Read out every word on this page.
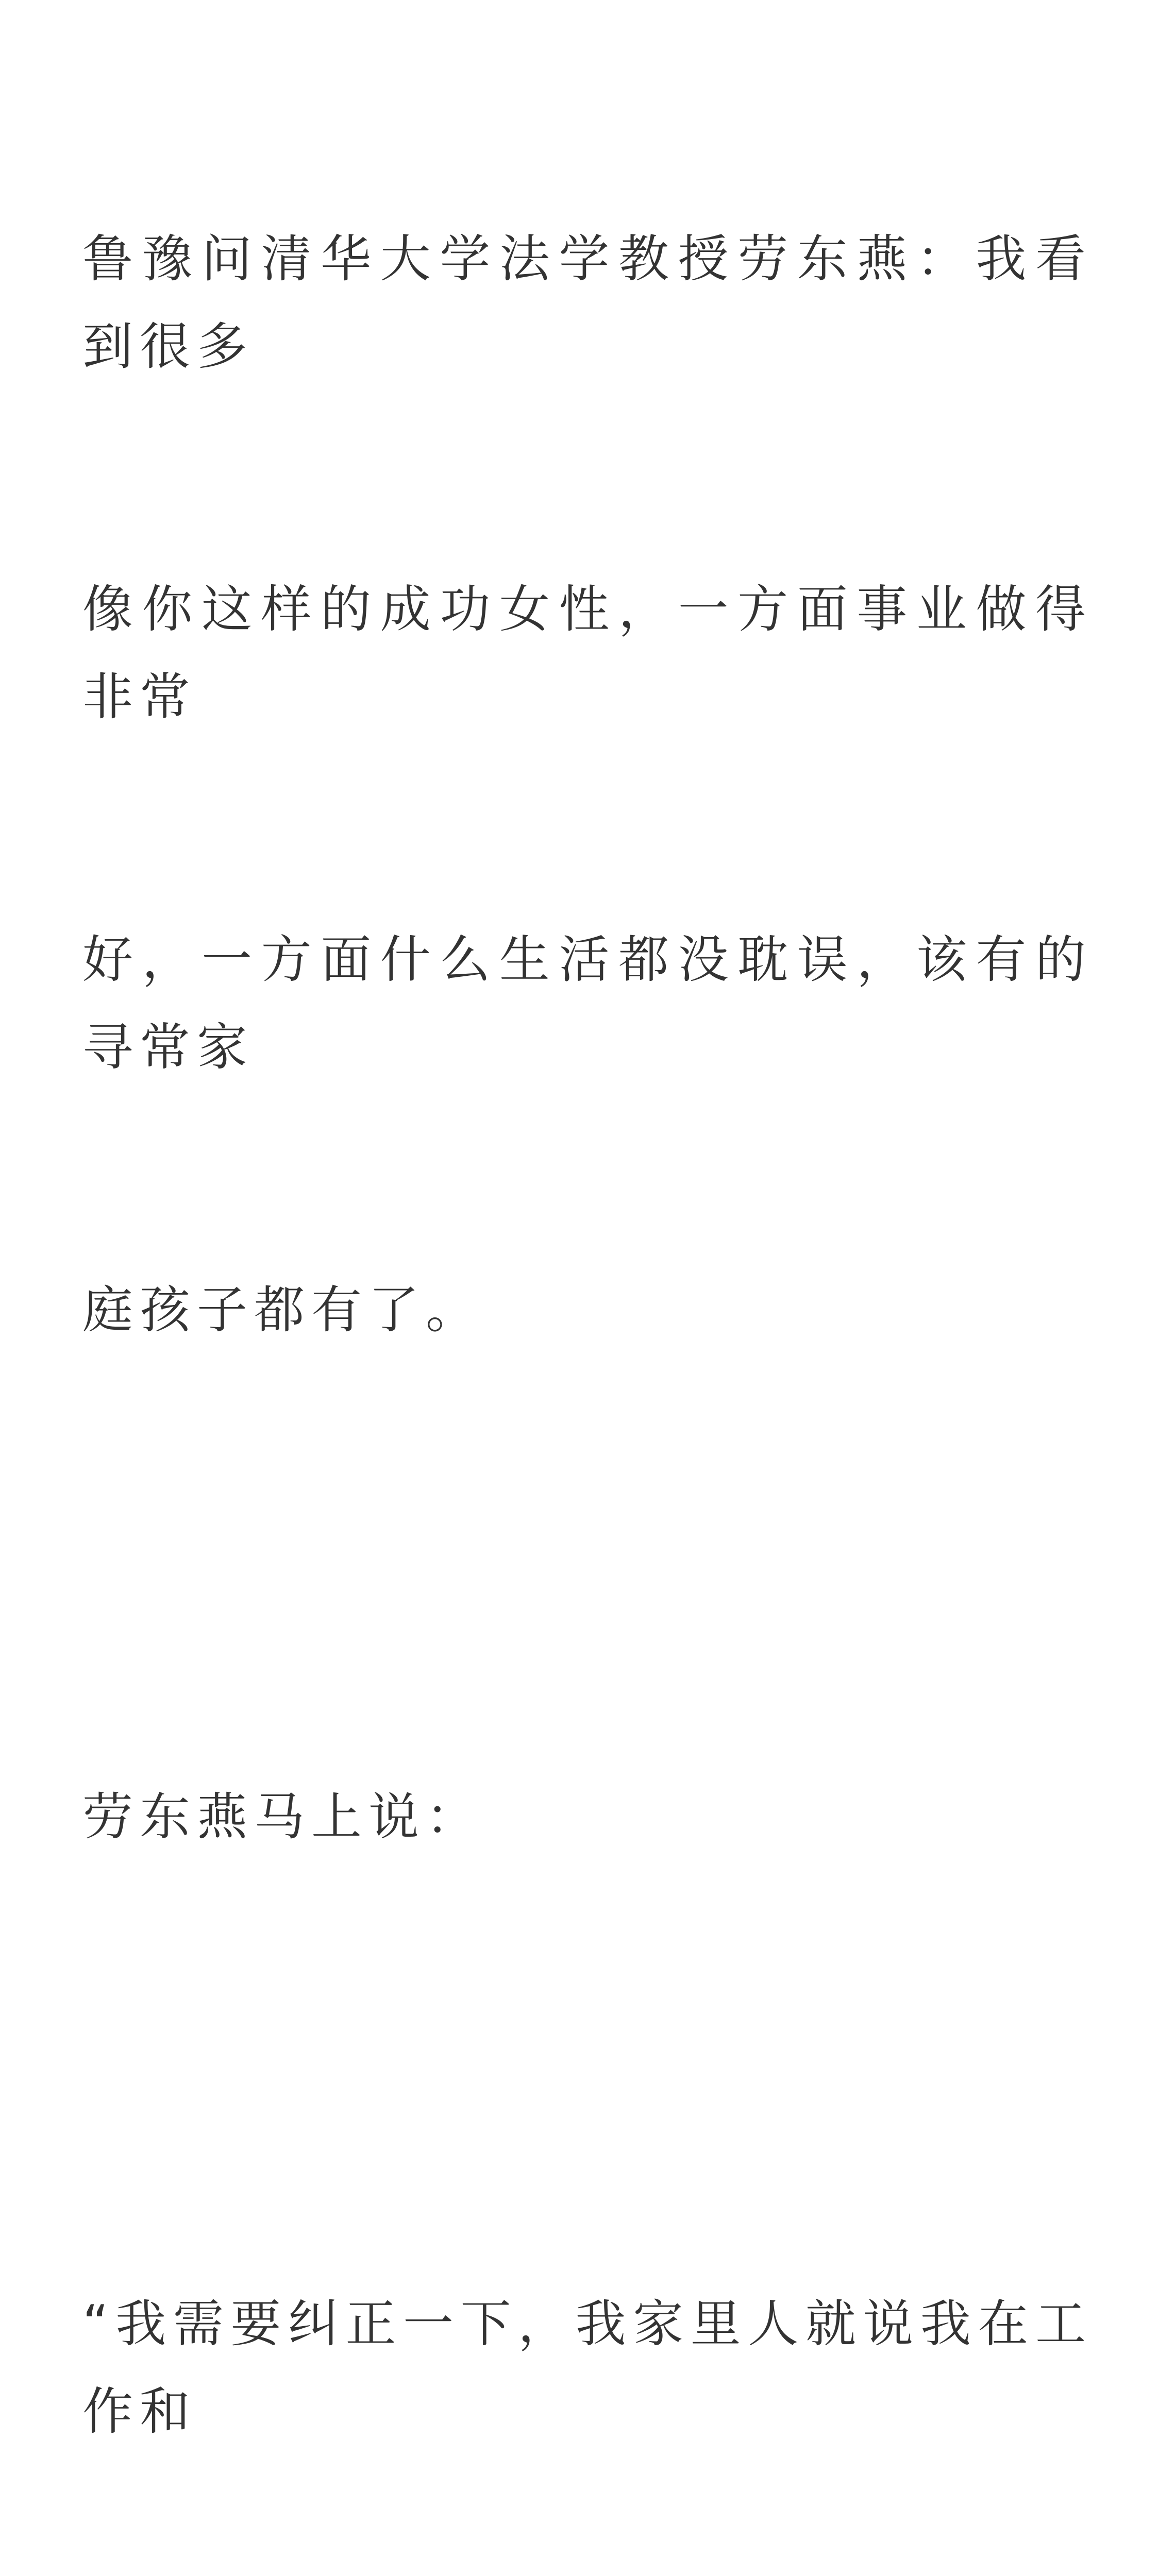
鲁豫问清华大学法学教授劳东燕：我看到很多

像你这样的成功女性，一方面事业做得非常

好，一方面什么生活都没耽误，该有的寻常家

庭孩子都有了。

劳东燕马上说：

“我需要纠正一下，我家里人就说我在工作和
